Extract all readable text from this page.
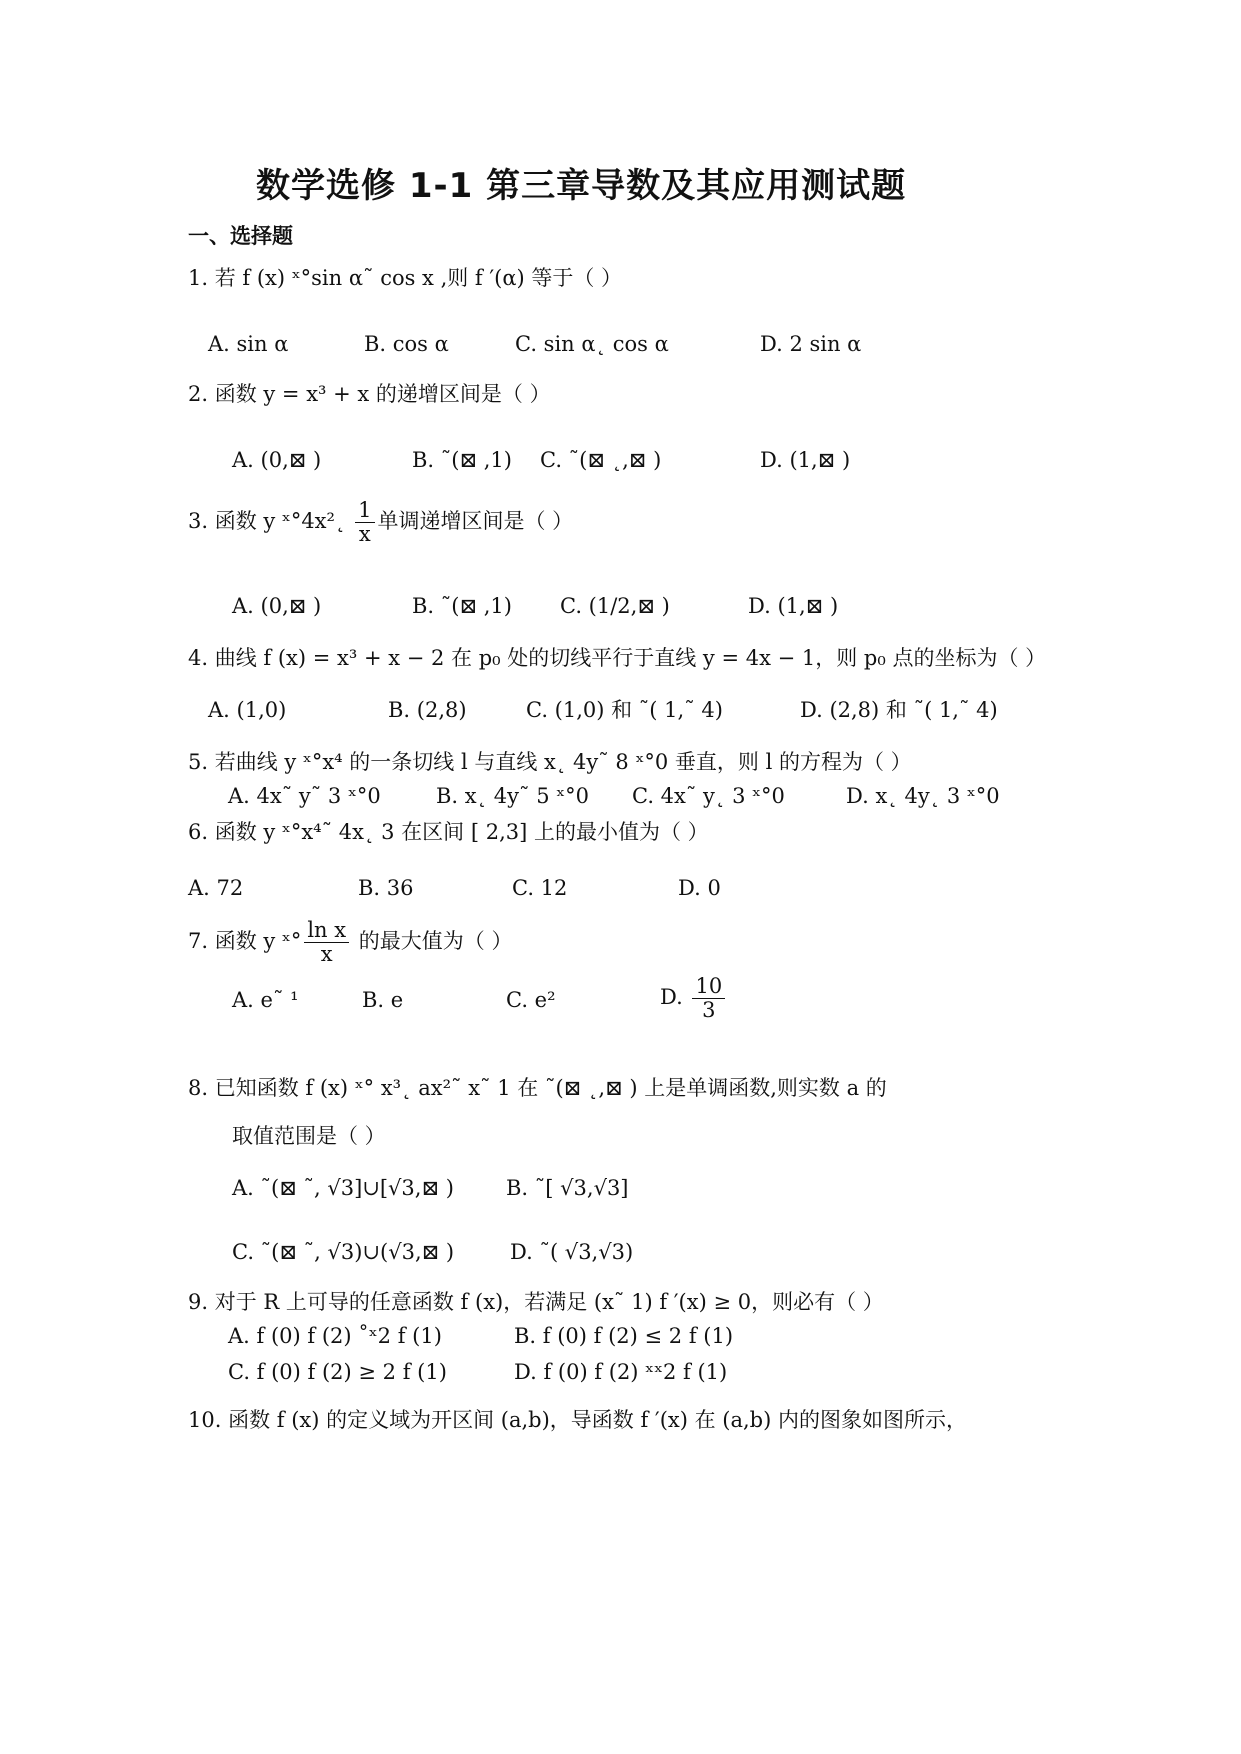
数学选修 1-1 第三章导数及其应用测试题
一、选择题
1. 若 f (x) ˣ°sin α˜ cos x ,则 f ′(α) 等于（ ）
A. sin α	B. cos α	C. sin α˛ cos α	D. 2 sin α
2. 函数 y = x³ + x 的递增区间是（ ）
A. (0,⊠ )	B. ˜(⊠ ,1) C. ˜(⊠ ˛,⊠ )	D. (1,⊠ )
3. 函数 y ˣ°4x²˛ $\frac{1}{x}$ 单调递增区间是（ ）
A. (0,⊠ )	B. ˜(⊠ ,1) C. (1/2,⊠ )	D. (1,⊠ )
4. 曲线 f (x) = x³ + x − 2 在 p₀ 处的切线平行于直线 y = 4x − 1，则 p₀ 点的坐标为（ ）
A. (1,0)	B. (2,8)	C. (1,0) 和 ˜( 1,˜ 4)	D. (2,8) 和 ˜( 1,˜ 4)
5. 若曲线 y ˣ°x⁴ 的一条切线 l 与直线 x˛ 4y˜ 8 ˣ°0 垂直，则 l 的方程为（ ）
A. 4x˜ y˜ 3 ˣ°0	B. x˛ 4y˜ 5 ˣ°0 C. 4x˜ y˛ 3 ˣ°0	D. x˛ 4y˛ 3 ˣ°0
6. 函数 y ˣ°x⁴˜ 4x˛ 3 在区间 [ 2,3] 上的最小值为（ ）
A. 72	B. 36	C. 12	D. 0
7. 函数 y ˣ° $\frac{\text{ln x}}{x}$ 的最大值为（ ）
A. e˜ ¹	B. e	C. e²	D. $\frac{10}{3}$
8. 已知函数 f (x) ˣ° x³˛ ax²˜ x˜ 1 在 ˜(⊠ ˛,⊠ ) 上是单调函数,则实数 a 的
取值范围是（ ）
A. ˜(⊠ ˜, √3]∪[√3,⊠ ) B. ˜[ √3,√3]
C. ˜(⊠ ˜, √3)∪(√3,⊠ )	D. ˜( √3,√3)
9. 对于 R 上可导的任意函数 f (x)，若满足 (x˜ 1) f ′(x) ≥ 0，则必有（ ）
A. f (0) f (2) ˚ˣ2 f (1)	B. f (0) f (2) ≤ 2 f (1)
C. f (0) f (2) ≥ 2 f (1)	D. f (0) f (2) ˣˣ2 f (1)
10. 函数 f (x) 的定义域为开区间 (a,b)，导函数 f ′(x) 在 (a,b) 内的图象如图所示，
